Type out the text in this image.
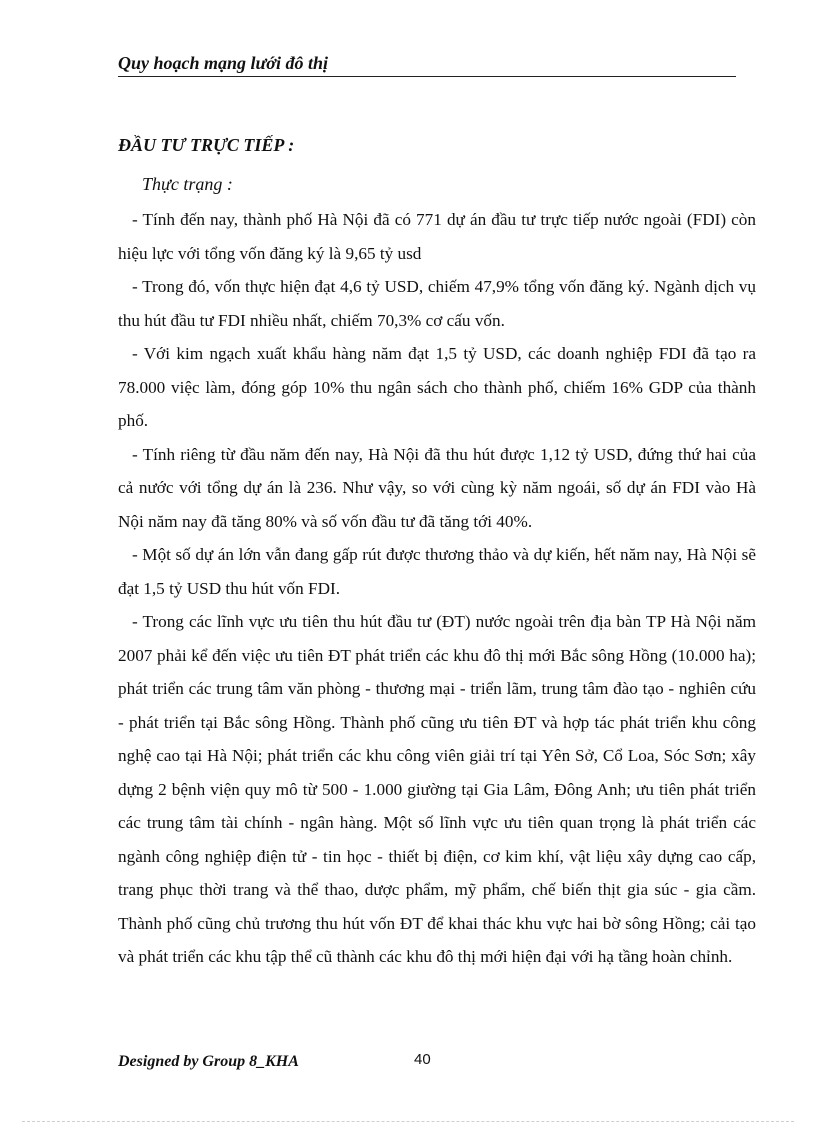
Quy hoạch mạng lưới đô thị
ĐẦU TƯ TRỰC TIẾP :
Thực trạng :

- Tính đến nay, thành phố Hà Nội đã có 771 dự án đầu tư trực tiếp nước ngoài (FDI) còn hiệu lực với tổng vốn đăng ký là 9,65 tỷ usd

- Trong đó, vốn thực hiện đạt 4,6 tỷ USD, chiếm 47,9% tổng vốn đăng ký. Ngành dịch vụ thu hút đầu tư FDI nhiều nhất, chiếm 70,3% cơ cấu vốn.

- Với kim ngạch xuất khẩu hàng năm đạt 1,5 tỷ USD, các doanh nghiệp FDI đã tạo ra 78.000 việc làm, đóng góp 10% thu ngân sách cho thành phố, chiếm 16% GDP của thành phố.

- Tính riêng từ đầu năm đến nay, Hà Nội đã thu hút được 1,12 tỷ USD, đứng thứ hai của cả nước với tổng dự án là 236. Như vậy, so với cùng kỳ năm ngoái, số dự án FDI vào Hà Nội năm nay đã tăng 80% và số vốn đầu tư đã tăng tới 40%.

- Một số dự án lớn vẫn đang gấp rút được thương thảo và dự kiến, hết năm nay, Hà Nội sẽ đạt 1,5 tỷ USD thu hút vốn FDI.

- Trong các lĩnh vực ưu tiên thu hút đầu tư (ĐT) nước ngoài trên địa bàn TP Hà Nội năm 2007 phải kể đến việc ưu tiên ĐT phát triển các khu đô thị mới Bắc sông Hồng (10.000 ha); phát triển các trung tâm văn phòng - thương mại - triển lãm, trung tâm đào tạo - nghiên cứu - phát triển tại Bắc sông Hồng. Thành phố cũng ưu tiên ĐT và hợp tác phát triển khu công nghệ cao tại Hà Nội; phát triển các khu công viên giải trí tại Yên Sở, Cổ Loa, Sóc Sơn; xây dựng 2 bệnh viện quy mô từ 500 - 1.000 giường tại Gia Lâm, Đông Anh; ưu tiên phát triển các trung tâm tài chính - ngân hàng. Một số lĩnh vực ưu tiên quan trọng là phát triển các ngành công nghiệp điện tử - tin học - thiết bị điện, cơ kim khí, vật liệu xây dựng cao cấp, trang phục thời trang và thể thao, dược phẩm, mỹ phẩm, chế biến thịt gia súc - gia cầm. Thành phố cũng chủ trương thu hút vốn ĐT để khai thác khu vực hai bờ sông Hồng; cải tạo và phát triển các khu tập thể cũ thành các khu đô thị mới hiện đại với hạ tầng hoàn chỉnh.

Designed by Group 8_KHA	40
